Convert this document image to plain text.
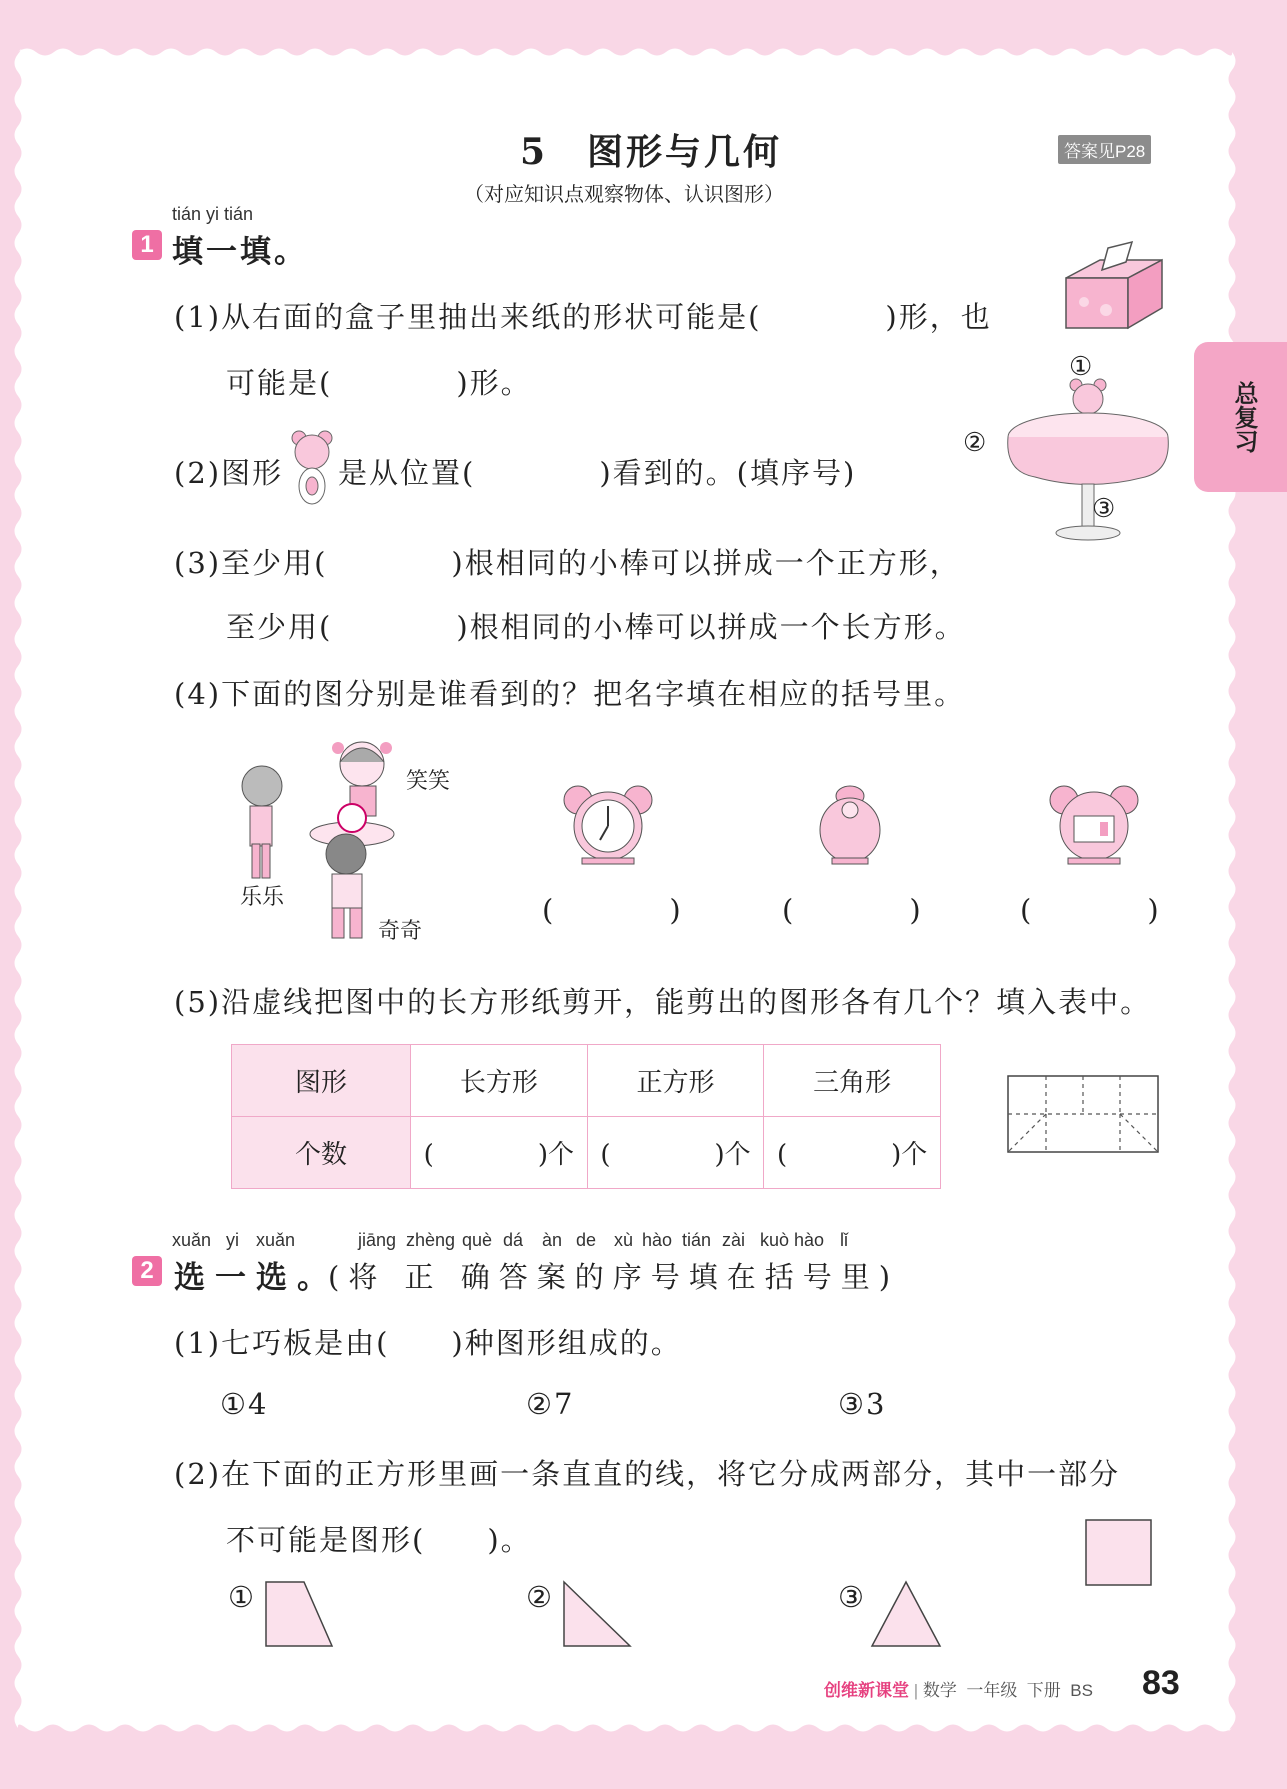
5　图形与几何	答案见P28
（对应知识点观察物体、认识图形）
总复习
tián yi tián
1 填一填。
(1)从右面的盒子里抽出来纸的形状可能是(　　　　)形，也
可能是(　　　　)形。
(2)图形 是从位置(　　　　)看到的。(填序号)
①
②
③
(3)至少用(　　　　)根相同的小棒可以拼成一个正方形，
至少用(　　　　)根相同的小棒可以拼成一个长方形。
(4)下面的图分别是谁看到的？把名字填在相应的括号里。
笑笑
乐乐
奇奇
(　　　　)	(　　　　)	(　　　　)
(5)沿虚线把图中的长方形纸剪开，能剪出的图形各有几个？填入表中。
图形	长方形	正方形	三角形
个数	(　　　　)个	(　　　　)个	(　　　　)个
xuǎn yi xuǎn	jiāng zhèng què dá àn de xù hào tián zài kuò hào lǐ
2 选一选。
(将 正 确答案的序号填在括号里)
(1)七巧板是由(　　)种图形组成的。
①4	②7	③3
(2)在下面的正方形里画一条直直的线，将它分成两部分，其中一部分
不可能是图形(　　)。
①	②	③
创维新课堂 | 数学 一年级 下册 BS 83
